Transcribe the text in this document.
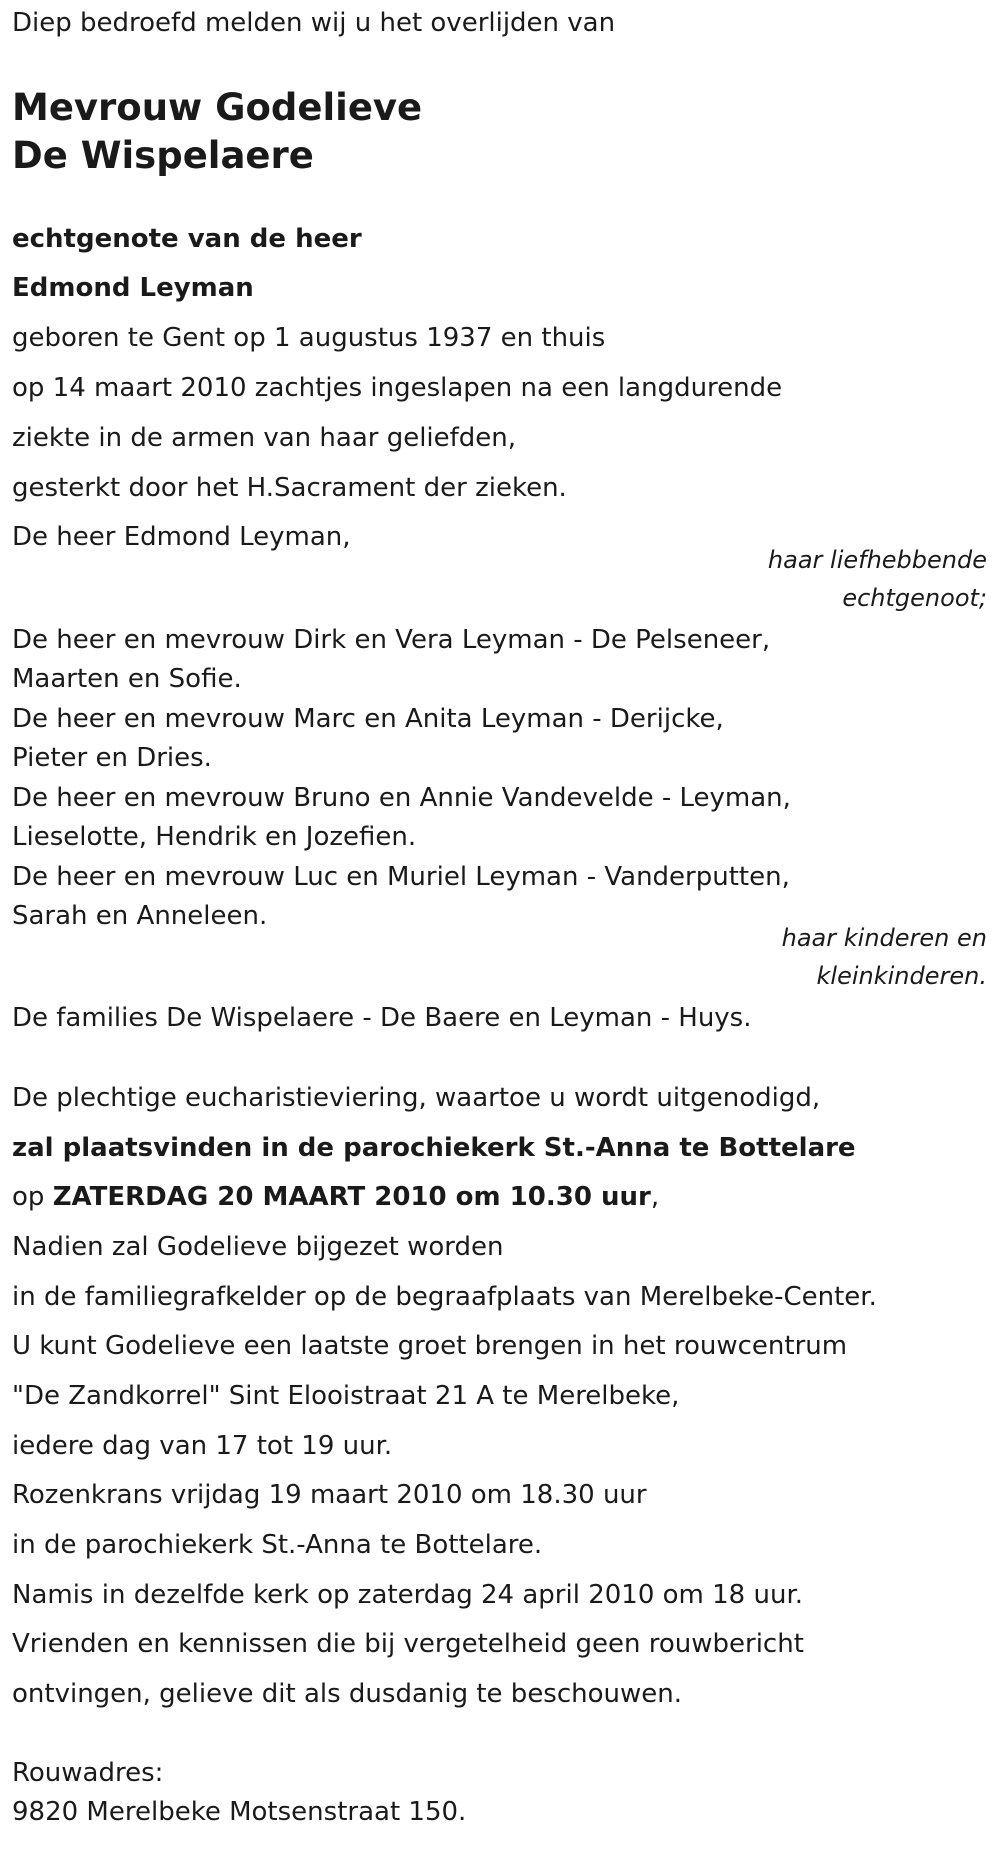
Diep bedroefd melden wij u het overlijden van
Mevrouw Godelieve
De Wispelaere
echtgenote van de heer
Edmond Leyman
geboren te Gent op 1 augustus 1937 en thuis
op 14 maart 2010 zachtjes ingeslapen na een langdurende
ziekte in de armen van haar geliefden,
gesterkt door het H.Sacrament der zieken.
De heer Edmond Leyman,
haar liefhebbende
echtgenoot;
De heer en mevrouw Dirk en Vera Leyman - De Pelseneer,
Maarten en Sofie.
De heer en mevrouw Marc en Anita Leyman - Derijcke,
Pieter en Dries.
De heer en mevrouw Bruno en Annie Vandevelde - Leyman,
Lieselotte, Hendrik en Jozefien.
De heer en mevrouw Luc en Muriel Leyman - Vanderputten,
Sarah en Anneleen.
haar kinderen en
kleinkinderen.
De families De Wispelaere - De Baere en Leyman - Huys.
De plechtige eucharistieviering, waartoe u wordt uitgenodigd,
zal plaatsvinden in de parochiekerk St.-Anna te Bottelare
op ZATERDAG 20 MAART 2010 om 10.30 uur,
Nadien zal Godelieve bijgezet worden
in de familiegrafkelder op de begraafplaats van Merelbeke-Center.
U kunt Godelieve een laatste groet brengen in het rouwcentrum
"De Zandkorrel" Sint Elooistraat 21 A te Merelbeke,
iedere dag van 17 tot 19 uur.
Rozenkrans vrijdag 19 maart 2010 om 18.30 uur
in de parochiekerk St.-Anna te Bottelare.
Namis in dezelfde kerk op zaterdag 24 april 2010 om 18 uur.
Vrienden en kennissen die bij vergetelheid geen rouwbericht
ontvingen, gelieve dit als dusdanig te beschouwen.
Rouwadres:
9820 Merelbeke Motsenstraat 150.
